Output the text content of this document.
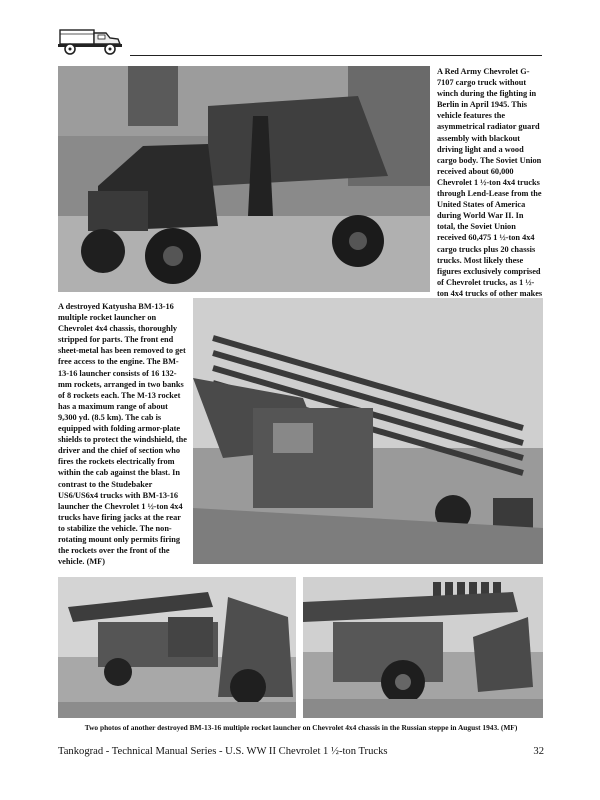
A Red Army Chevrolet G-7107 cargo truck without winch during the fighting in Berlin in April 1945. This vehicle features the asymmetrical radiator guard assembly with blackout driving light and a wood cargo body. The Soviet Union received about 60,000 Chevrolet 1 ½-ton 4x4 trucks through Lend-Lease from the United States of America during World War II. In total, the Soviet Union received 60,475 1 ½-ton 4x4 cargo trucks plus 20 chassis trucks. Most likely these figures exclusively comprised of Chevrolet trucks, as 1 ½-ton 4x4 trucks of other makes

A destroyed Katyusha BM-13-16 multiple rocket launcher on Chevrolet 4x4 chassis, thoroughly stripped for parts. The front end sheet-metal has been removed to get free access to the engine. The BM-13-16 launcher consists of 16 132-mm rockets, arranged in two banks of 8 rockets each. The M-13 rocket has a maximum range of about 9,300 yd. (8.5 km). The cab is equipped with folding armor-plate shields to protect the windshield, the driver and the chief of section who fires the rockets electrically from within the cab against the blast. In contrast to the Studebaker US6/US6x4 trucks with BM-13-16 launcher the Chevrolet 1 ½-ton 4x4 trucks have firing jacks at the rear to stabilize the vehicle. The non-rotating mount only permits firing the rockets over the front of the vehicle. (MF)

Two photos of another destroyed BM-13-16 multiple rocket launcher on Chevrolet 4x4 chassis in the Russian steppe in August 1943. (MF)

Tankograd - Technical Manual Series - U.S. WW II Chevrolet 1 ½-ton Trucks	32
